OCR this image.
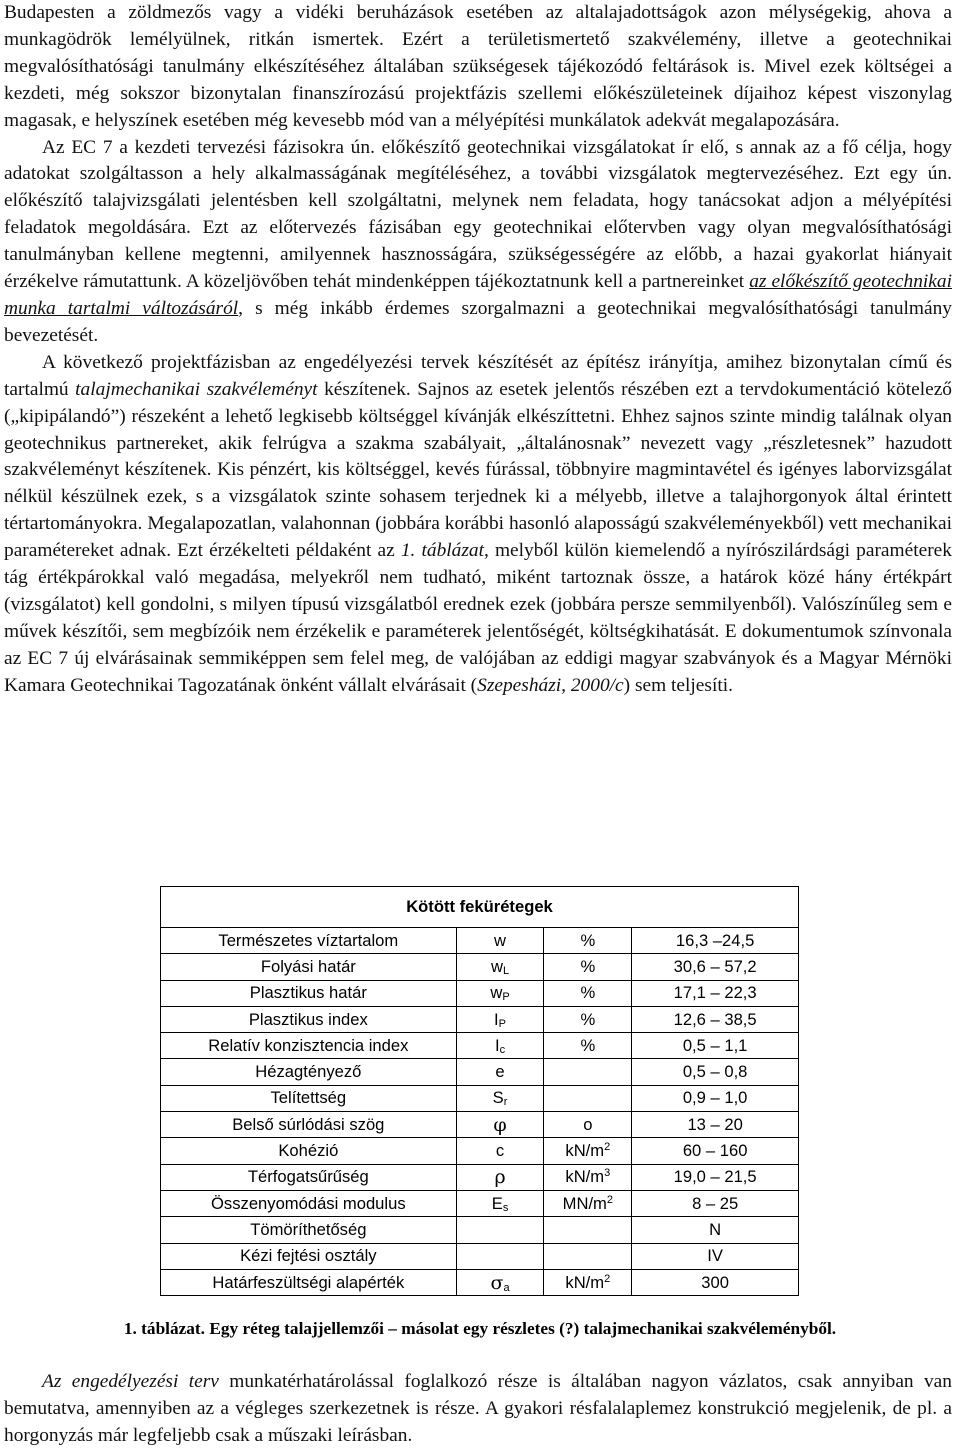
Budapesten a zöldmezős vagy a vidéki beruházások esetében az altalajadottságok azon mélységekig, ahova a munkagödrök lemélyülnek, ritkán ismertek. Ezért a területismertető szakvélemény, illetve a geotechnikai megvalósíthatósági tanulmány elkészítéséhez általában szükségesek tájékozódó feltárások is. Mivel ezek költségei a kezdeti, még sokszor bizonytalan finanszírozású projektfázis szellemi előkészületeinek díjaihoz képest viszonylag magasak, e helyszínek esetében még kevesebb mód van a mélyépítési munkálatok adekvát megalapozására.

Az EC 7 a kezdeti tervezési fázisokra ún. előkészítő geotechnikai vizsgálatokat ír elő, s annak az a fő célja, hogy adatokat szolgáltasson a hely alkalmasságának megítéléséhez, a további vizsgálatok megtervezéséhez. Ezt egy ún. előkészítő talajvizsgálati jelentésben kell szolgáltatni, melynek nem feladata, hogy tanácsokat adjon a mélyépítési feladatok megoldására. Ezt az előtervezés fázisában egy geotechnikai előtervben vagy olyan megvalósíthatósági tanulmányban kellene megtenni, amilyennek hasznosságára, szükségességére az előbb, a hazai gyakorlat hiányait érzékelve rámutattunk. A közeljövőben tehát mindenképpen tájékoztatnunk kell a partnereinket az előkészítő geotechnikai munka tartalmi változásáról, s még inkább érdemes szorgalmazni a geotechnikai megvalósíthatósági tanulmány bevezetését.

A következő projektfázisban az engedélyezési tervek készítését az építész irányítja, amihez bizonytalan című és tartalmú talajmechanikai szakvéleményt készítenek. Sajnos az esetek jelentős részében ezt a tervdokumentáció kötelező („kipipálandó”) részeként a lehető legkisebb költséggel kívánják elkészíttetni. Ehhez sajnos szinte mindig találnak olyan geotechnikus partnereket, akik felrúgva a szakma szabályait, „általánosnak” nevezett vagy „részletesnek” hazudott szakvéleményt készítenek. Kis pénzért, kis költséggel, kevés fúrással, többnyire magmintavétel és igényes laborvizsgálat nélkül készülnek ezek, s a vizsgálatok szinte sohasem terjednek ki a mélyebb, illetve a talajhorgonyok által érintett tértartományokra. Megalapozatlan, valahonnan (jobbára korábbi hasonló alaposságú szakvéleményekből) vett mechanikai paramétereket adnak. Ezt érzékelteti példaként az 1. táblázat, melyből külön kiemelendő a nyírószilárdsági paraméterek tág értékpárokkal való megadása, melyekről nem tudható, miként tartoznak össze, a határok közé hány értékpárt (vizsgálatot) kell gondolni, s milyen típusú vizsgálatból erednek ezek (jobbára persze semmilyenből). Valószínűleg sem e művek készítői, sem megbízóik nem érzékelik e paraméterek jelentőségét, költségkihatását. E dokumentumok színvonala az EC 7 új elvárásainak semmiképpen sem felel meg, de valójában az eddigi magyar szabványok és a Magyar Mérnöki Kamara Geotechnikai Tagozatának önként vállalt elvárásait (Szepesházi, 2000/c) sem teljesíti.

Kötött fekürétegek			
Természetes víztartalom	w	%	16,3 –24,5
Folyási határ	wL	%	30,6 – 57,2
Plasztikus határ	wP	%	17,1 – 22,3
Plasztikus index	IP	%	12,6 – 38,5
Relatív konzisztencia index	Ic	%	0,5 – 1,1
Hézagtényező	e		0,5 – 0,8
Telítettség	Sr		0,9 – 1,0
Belső súrlódási szög	φ	o	13 – 20
Kohézió	c	$kN/m^2$	60 – 160
Térfogatsűrűség	ρ	$kN/m^3$	19,0 – 21,5
Összenyomódási modulus	Es	$MN/m^2$	8 – 25
Tömöríthetőség			N
Kézi fejtési osztály			IV
Határfeszültségi alapérték	σa	$kN/m^2$	300
1. táblázat. Egy réteg talajjellemzői – másolat egy részletes (?) talajmechanikai szakvéleményből.

Az engedélyezési terv munkatérhatárolással foglalkozó része is általában nagyon vázlatos, csak annyiban van bemutatva, amennyiben az a végleges szerkezetnek is része. A gyakori résfalalaplemez konstrukció megjelenik, de pl. a horgonyzás már legfeljebb csak a műszaki leírásban.
